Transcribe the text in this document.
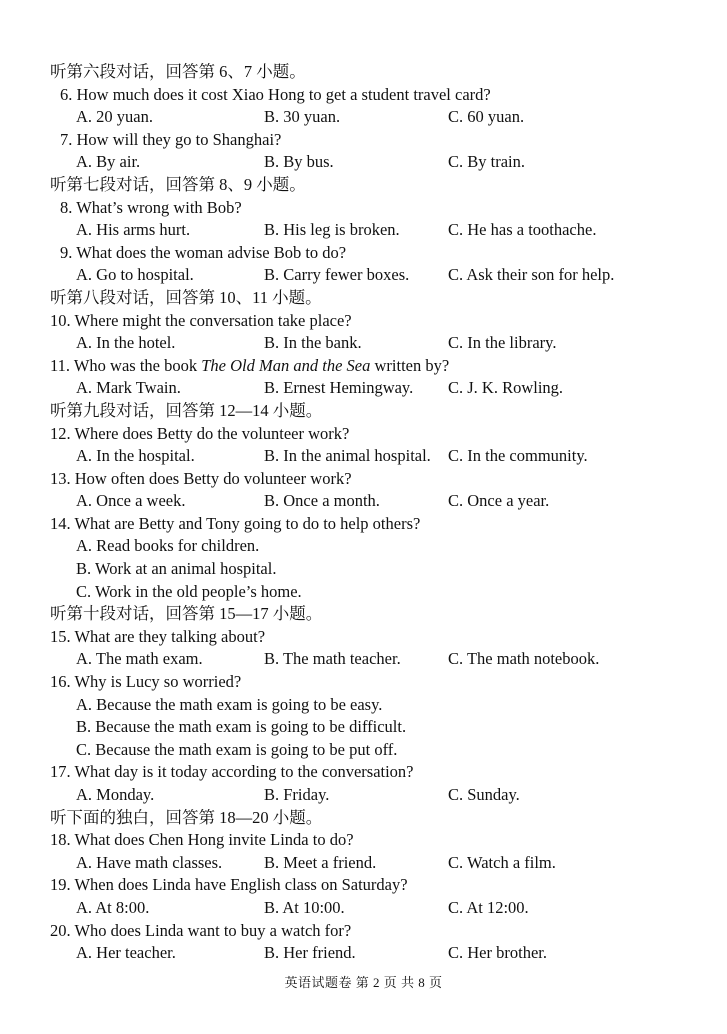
听第六段对话，回答第 6、7 小题。
6. How much does it cost Xiao Hong to get a student travel card?
A. 20 yuan.	B. 30 yuan.	C. 60 yuan.
7. How will they go to Shanghai?
A. By air.	B. By bus.	C. By train.
听第七段对话，回答第 8、9 小题。
8. What’s wrong with Bob?
A. His arms hurt.	B. His leg is broken.	C. He has a toothache.
9. What does the woman advise Bob to do?
A. Go to hospital.	B. Carry fewer boxes. C. Ask their son for help.
听第八段对话，回答第 10、11 小题。
10. Where might the conversation take place?
A. In the hotel.	B. In the bank.	C. In the library.
11. Who was the book The Old Man and the Sea written by?
A. Mark Twain.	B. Ernest Hemingway. C. J. K. Rowling.
听第九段对话，回答第 12—14 小题。
12. Where does Betty do the volunteer work?
A. In the hospital.	B. In the animal hospital. C. In the community.
13. How often does Betty do volunteer work?
A. Once a week.	B. Once a month.	C. Once a year.
14. What are Betty and Tony going to do to help others?
A. Read books for children.
B. Work at an animal hospital.
C. Work in the old people’s home.
听第十段对话，回答第 15—17 小题。
15. What are they talking about?
A. The math exam.	B. The math teacher.	C. The math notebook.
16. Why is Lucy so worried?
A. Because the math exam is going to be easy.
B. Because the math exam is going to be difficult.
C. Because the math exam is going to be put off.
17. What day is it today according to the conversation?
A. Monday.	B. Friday.	C. Sunday.
听下面的独白，回答第 18—20 小题。
18. What does Chen Hong invite Linda to do?
A. Have math classes.	B. Meet a friend.	C. Watch a film.
19. When does Linda have English class on Saturday?
A. At 8:00.	B. At 10:00.	C. At 12:00.
20. Who does Linda want to buy a watch for?
A. Her teacher.	B. Her friend.	C. Her brother.
英语试题卷 第 2 页 共 8 页
